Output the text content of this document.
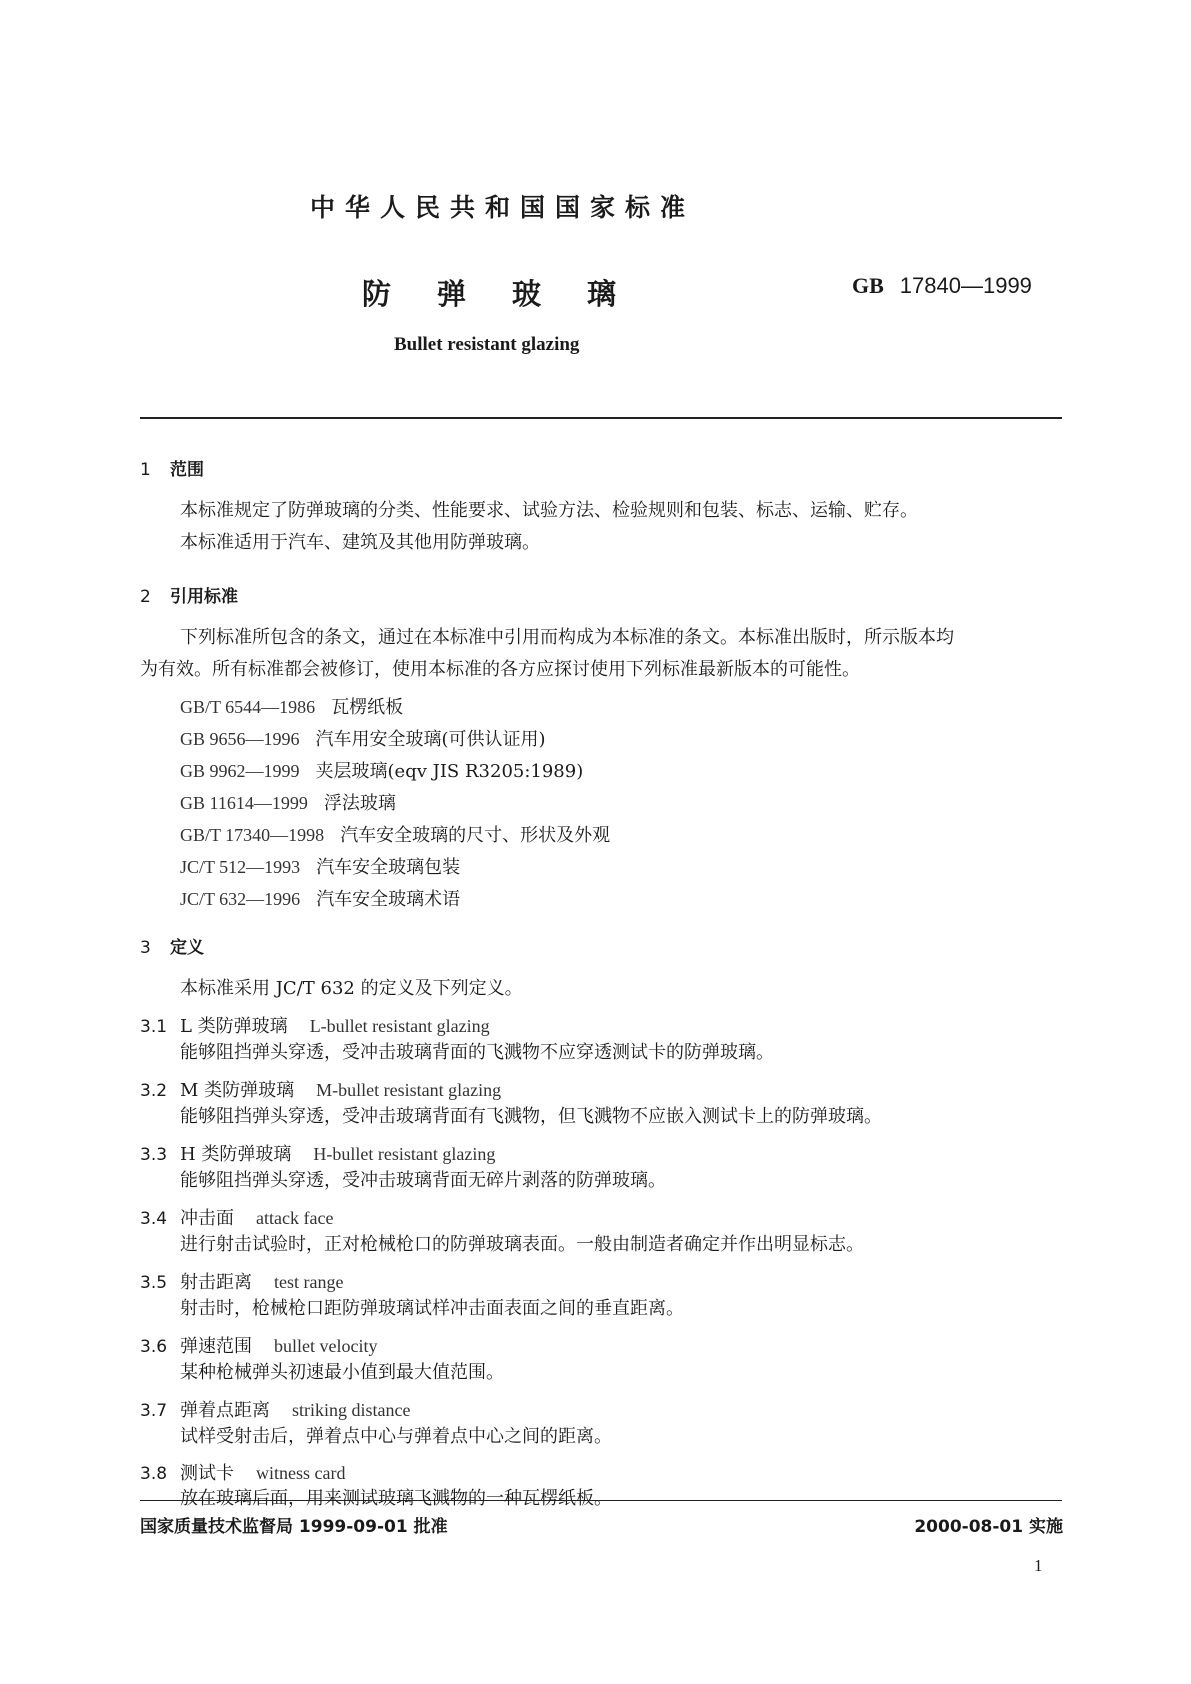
中华人民共和国国家标准
防弹玻璃	GB 17840—1999
Bullet resistant glazing
1 范围
本标准规定了防弹玻璃的分类、性能要求、试验方法、检验规则和包装、标志、运输、贮存。
本标准适用于汽车、建筑及其他用防弹玻璃。
2 引用标准
下列标准所包含的条文，通过在本标准中引用而构成为本标准的条文。本标准出版时，所示版本均
为有效。所有标准都会被修订，使用本标准的各方应探讨使用下列标准最新版本的可能性。
GB/T 6544—1986 瓦楞纸板
GB 9656—1996 汽车用安全玻璃(可供认证用)
GB 9962—1999 夹层玻璃(eqv JIS R3205:1989)
GB 11614—1999 浮法玻璃
GB/T 17340—1998 汽车安全玻璃的尺寸、形状及外观
JC/T 512—1993 汽车安全玻璃包装
JC/T 632—1996 汽车安全玻璃术语
3 定义
本标准采用 JC/T 632 的定义及下列定义。
3.1 L 类防弹玻璃 L-bullet resistant glazing
能够阻挡弹头穿透，受冲击玻璃背面的飞溅物不应穿透测试卡的防弹玻璃。
3.2 M 类防弹玻璃 M-bullet resistant glazing
能够阻挡弹头穿透，受冲击玻璃背面有飞溅物，但飞溅物不应嵌入测试卡上的防弹玻璃。
3.3 H 类防弹玻璃 H-bullet resistant glazing
能够阻挡弹头穿透，受冲击玻璃背面无碎片剥落的防弹玻璃。
3.4 冲击面 attack face
进行射击试验时，正对枪械枪口的防弹玻璃表面。一般由制造者确定并作出明显标志。
3.5 射击距离 test range
射击时，枪械枪口距防弹玻璃试样冲击面表面之间的垂直距离。
3.6 弹速范围 bullet velocity
某种枪械弹头初速最小值到最大值范围。
3.7 弹着点距离 striking distance
试样受射击后，弹着点中心与弹着点中心之间的距离。
3.8 测试卡 witness card
放在玻璃后面，用来测试玻璃飞溅物的一种瓦楞纸板。
国家质量技术监督局 1999-09-01 批准	2000-08-01 实施
1
